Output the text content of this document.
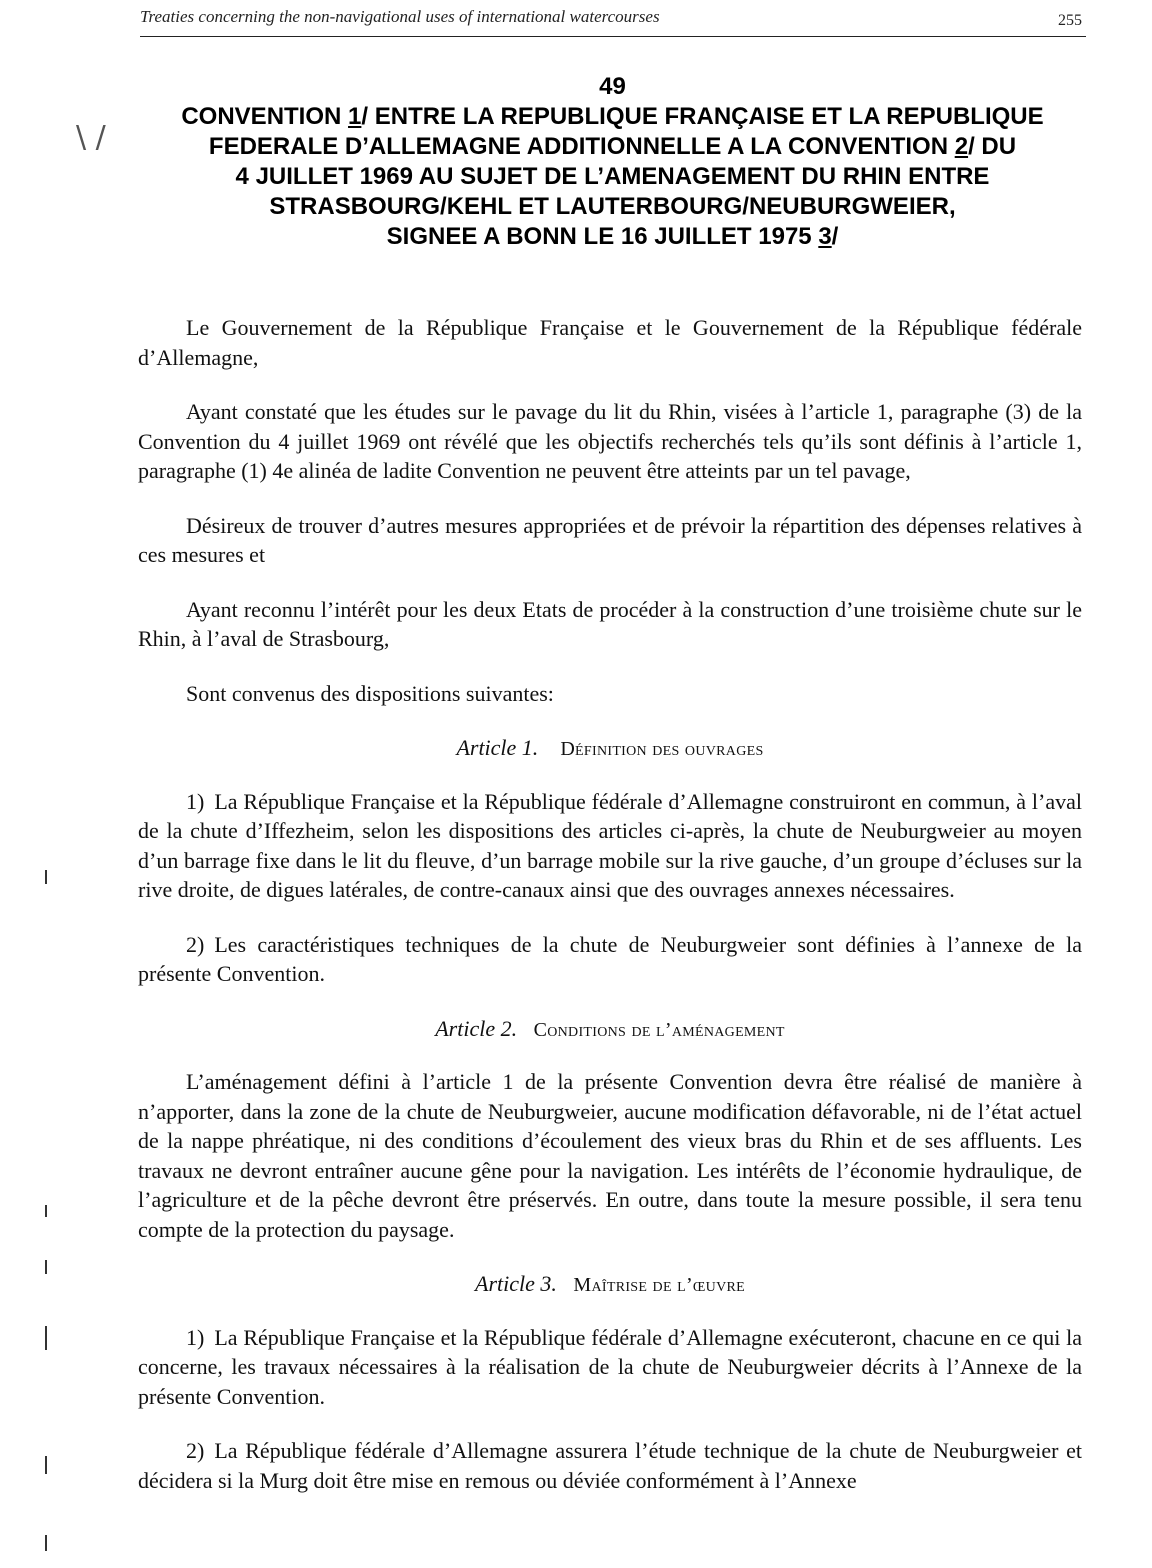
Treaties concerning the non-navigational uses of international watercourses	255
\ /
49
CONVENTION 1/ ENTRE LA REPUBLIQUE FRANÇAISE ET LA REPUBLIQUE
FEDERALE D’ALLEMAGNE ADDITIONNELLE A LA CONVENTION 2/ DU
4 JUILLET 1969 AU SUJET DE L’AMENAGEMENT DU RHIN ENTRE
STRASBOURG/KEHL ET LAUTERBOURG/NEUBURGWEIER,
SIGNEE A BONN LE 16 JUILLET 1975 3/

Le Gouvernement de la République Française et le Gouvernement de la République fédérale d’Allemagne,

Ayant constaté que les études sur le pavage du lit du Rhin, visées à l’article 1, paragraphe (3) de la Convention du 4 juillet 1969 ont révélé que les objectifs recherchés tels qu’ils sont définis à l’article 1, paragraphe (1) 4e alinéa de ladite Convention ne peuvent être atteints par un tel pavage,

Désireux de trouver d’autres mesures appropriées et de prévoir la répartition des dépenses relatives à ces mesures et

Ayant reconnu l’intérêt pour les deux Etats de procéder à la construction d’une troisième chute sur le Rhin, à l’aval de Strasbourg,

Sont convenus des dispositions suivantes:

Article 1. Définition des ouvrages

1) La République Française et la République fédérale d’Allemagne construiront en commun, à l’aval de la chute d’Iffezheim, selon les dispositions des articles ci-après, la chute de Neuburgweier au moyen d’un barrage fixe dans le lit du fleuve, d’un barrage mobile sur la rive gauche, d’un groupe d’écluses sur la rive droite, de digues latérales, de contre-canaux ainsi que des ouvrages annexes nécessaires.

2) Les caractéristiques techniques de la chute de Neuburgweier sont définies à l’annexe de la présente Convention.

Article 2. Conditions de l’aménagement

L’aménagement défini à l’article 1 de la présente Convention devra être réalisé de manière à n’apporter, dans la zone de la chute de Neuburgweier, aucune modification défavorable, ni de l’état actuel de la nappe phréatique, ni des conditions d’écoulement des vieux bras du Rhin et de ses affluents. Les travaux ne devront entraîner aucune gêne pour la navigation. Les intérêts de l’économie hydraulique, de l’agriculture et de la pêche devront être préservés. En outre, dans toute la mesure possible, il sera tenu compte de la protection du paysage.

Article 3. Maîtrise de l’œuvre

1) La République Française et la République fédérale d’Allemagne exécuteront, chacune en ce qui la concerne, les travaux nécessaires à la réalisation de la chute de Neuburgweier décrits à l’Annexe de la présente Convention.

2) La République fédérale d’Allemagne assurera l’étude technique de la chute de Neuburgweier et décidera si la Murg doit être mise en remous ou déviée conformément à l’Annexe
